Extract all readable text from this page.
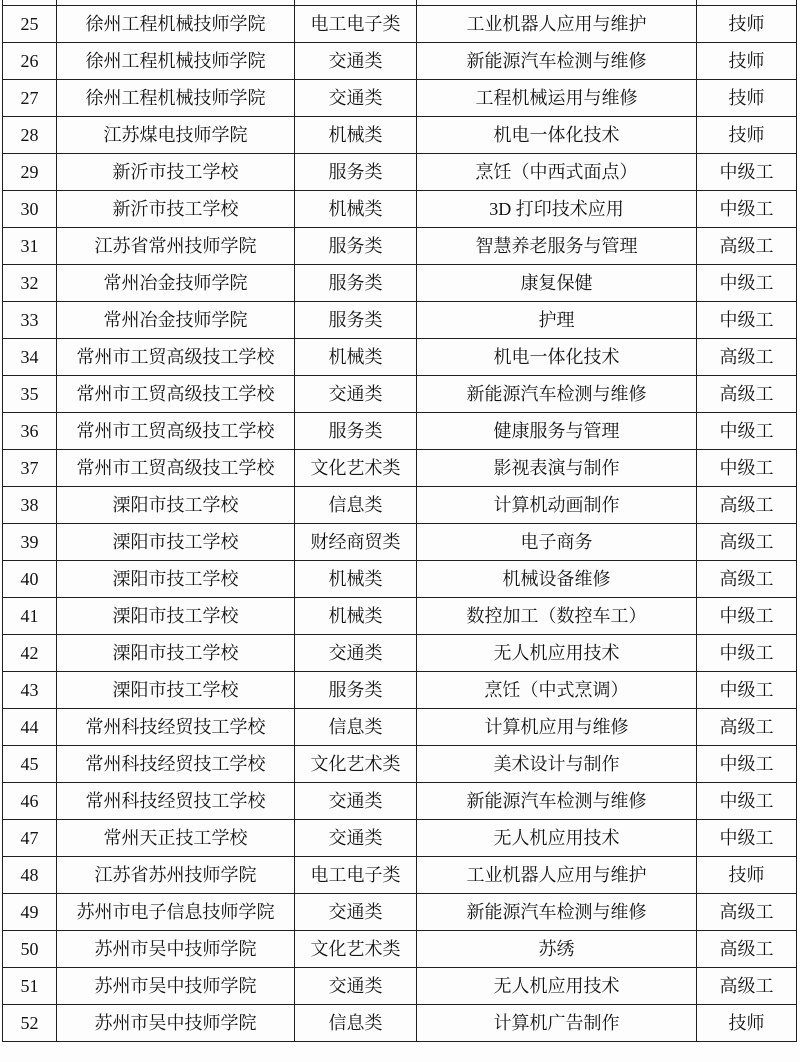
25	徐州工程机械技师学院	电工电子类	工业机器人应用与维护	技师
26	徐州工程机械技师学院	交通类	新能源汽车检测与维修	技师
27	徐州工程机械技师学院	交通类	工程机械运用与维修	技师
28	江苏煤电技师学院	机械类	机电一体化技术	技师
29	新沂市技工学校	服务类	烹饪（中西式面点）	中级工
30	新沂市技工学校	机械类	3D 打印技术应用	中级工
31	江苏省常州技师学院	服务类	智慧养老服务与管理	高级工
32	常州冶金技师学院	服务类	康复保健	中级工
33	常州冶金技师学院	服务类	护理	中级工
34	常州市工贸高级技工学校	机械类	机电一体化技术	高级工
35	常州市工贸高级技工学校	交通类	新能源汽车检测与维修	高级工
36	常州市工贸高级技工学校	服务类	健康服务与管理	中级工
37	常州市工贸高级技工学校	文化艺术类	影视表演与制作	中级工
38	溧阳市技工学校	信息类	计算机动画制作	高级工
39	溧阳市技工学校	财经商贸类	电子商务	高级工
40	溧阳市技工学校	机械类	机械设备维修	高级工
41	溧阳市技工学校	机械类	数控加工（数控车工）	中级工
42	溧阳市技工学校	交通类	无人机应用技术	中级工
43	溧阳市技工学校	服务类	烹饪（中式烹调）	中级工
44	常州科技经贸技工学校	信息类	计算机应用与维修	高级工
45	常州科技经贸技工学校	文化艺术类	美术设计与制作	中级工
46	常州科技经贸技工学校	交通类	新能源汽车检测与维修	中级工
47	常州天正技工学校	交通类	无人机应用技术	中级工
48	江苏省苏州技师学院	电工电子类	工业机器人应用与维护	技师
49	苏州市电子信息技师学院	交通类	新能源汽车检测与维修	高级工
50	苏州市吴中技师学院	文化艺术类	苏绣	高级工
51	苏州市吴中技师学院	交通类	无人机应用技术	高级工
52	苏州市吴中技师学院	信息类	计算机广告制作	技师
